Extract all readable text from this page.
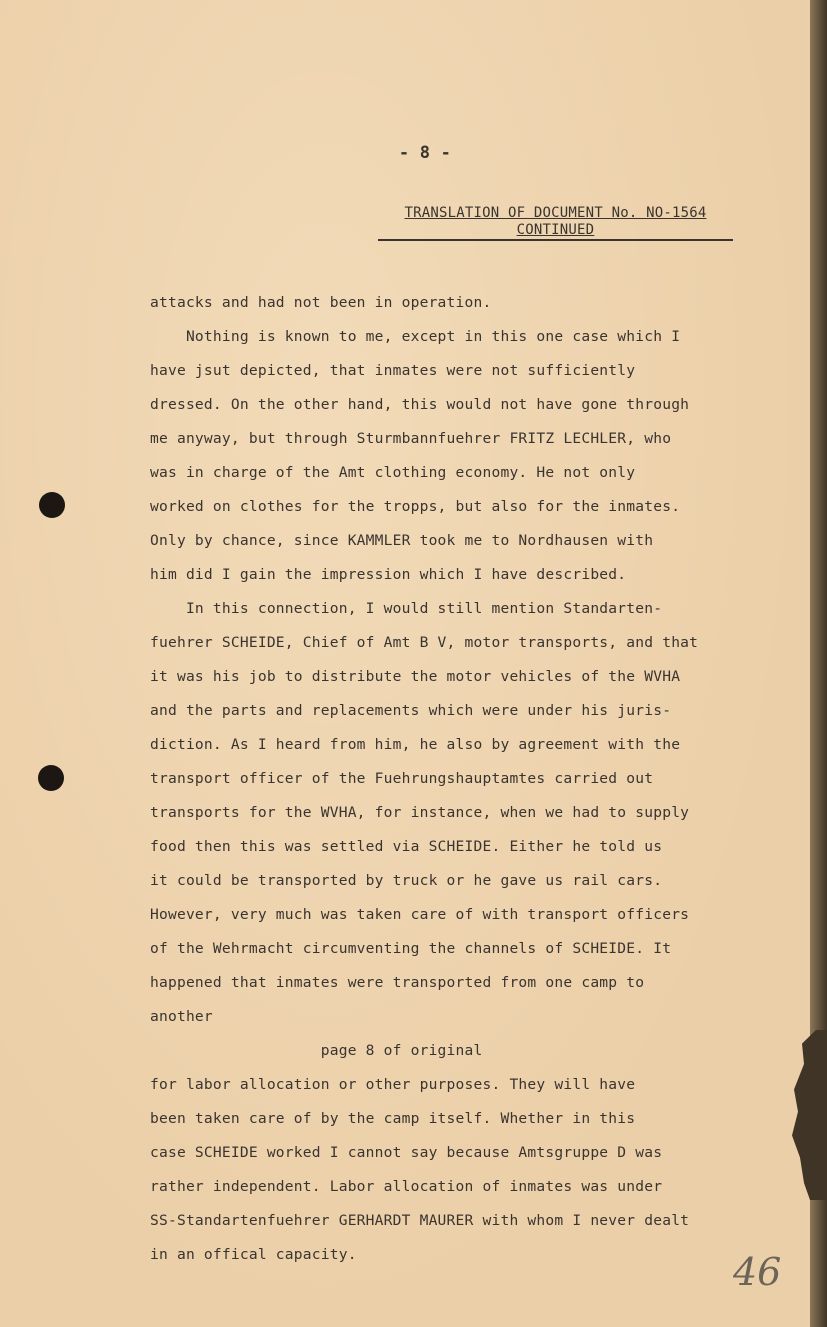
- 8 -
TRANSLATION OF DOCUMENT No. NO-1564
CONTINUED
attacks and had not been in operation.
Nothing is known to me, except in this one case which I
have jsut depicted, that inmates were not sufficiently
dressed. On the other hand, this would not have gone through
me anyway, but through Sturmbannfuehrer FRITZ LECHLER, who
was in charge of the Amt clothing economy. He not only
worked on clothes for the tropps, but also for the inmates.
Only by chance, since KAMMLER took me to Nordhausen with
him did I gain the impression which I have described.
In this connection, I would still mention Standarten-
fuehrer SCHEIDE, Chief of Amt B V, motor transports, and that
it was his job to distribute the motor vehicles of the WVHA
and the parts and replacements which were under his juris-
diction. As I heard from him, he also by agreement with the
transport officer of the Fuehrungshauptamtes carried out
transports for the WVHA, for instance, when we had to supply
food then this was settled via SCHEIDE. Either he told us
it could be transported by truck or he gave us rail cars.
However, very much was taken care of with transport officers
of the Wehrmacht circumventing the channels of SCHEIDE. It
happened that inmates were transported from one camp to
another
page 8 of original
for labor allocation or other purposes. They will have
been taken care of by the camp itself. Whether in this
case SCHEIDE worked I cannot say because Amtsgruppe D was
rather independent. Labor allocation of inmates was under
SS-Standartenfuehrer GERHARDT MAURER with whom I never dealt
in an offical capacity.	46
